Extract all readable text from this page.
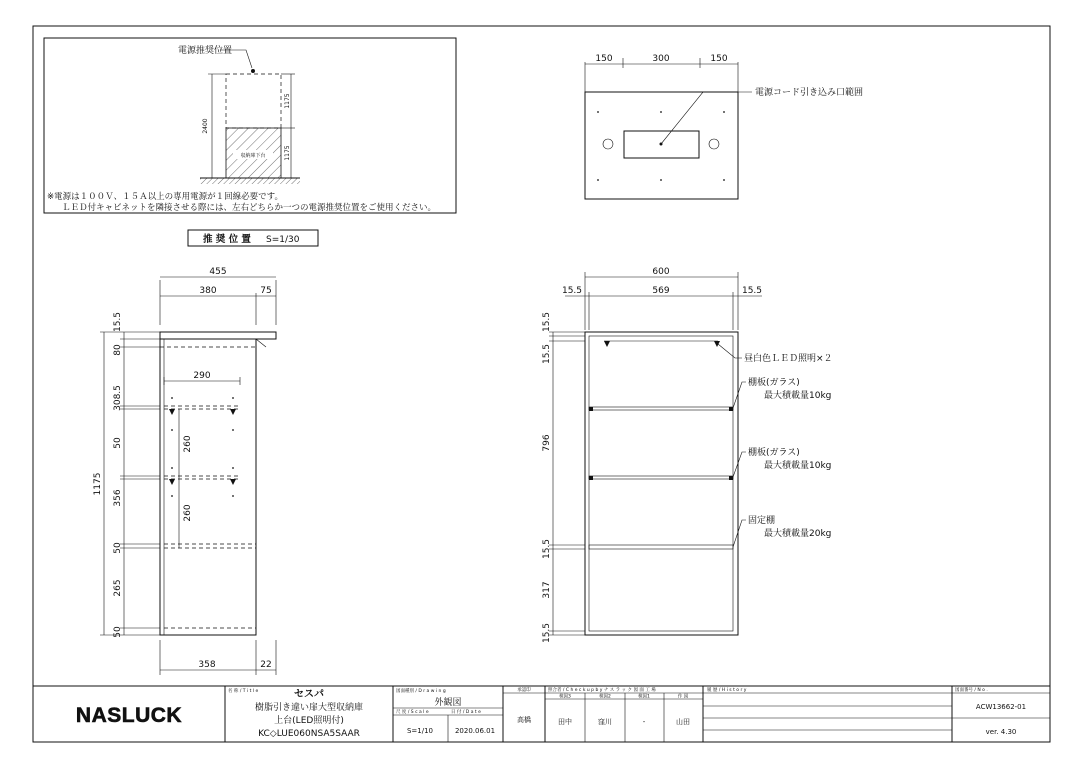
電源推奨位置
収納庫下台
2400
1175
1175
※電源は１００Ｖ、１５Ａ以上の専用電源が１回線必要です。
ＬＥＤ付キャビネットを隣接させる際には、左右どちらか一つの電源推奨位置をご使用ください。
推 奨 位 置 S=1/30
150	300	150
電源コード引き込み口範囲
455
380	75
290
260
260
1175
15.5
80
308.5
50
356
50
265
50
358	22
600
15.5	569	15.5
昼白色ＬＥＤ照明×２
棚板(ガラス)
最大積載量10kg
棚板(ガラス)
最大積載量10kg
固定棚
最大積載量20kg
15.5
15.5
796
15.5
317
15.5
NASLUCK
名 称 / T i t l e	セスパ
樹脂引き違い扉大型収納庫
上台(LED照明付)
KC◇LUE060NSA5SAAR
図面種別 / D r a w i n g
外観図
尺 度 / S c a l e	日 付 / D a t e
S=1/10	2020.06.01
承認印
高橋
照合者 / C h e c k u p b y ナ ス ラ ッ ク 図 面 工 場
検図3	検図2	検図1	作 図
田中	窪川	-	山田
履 歴 / H i s t o r y	図面番号 / N o .
ACW13662-01
ver. 4.30
